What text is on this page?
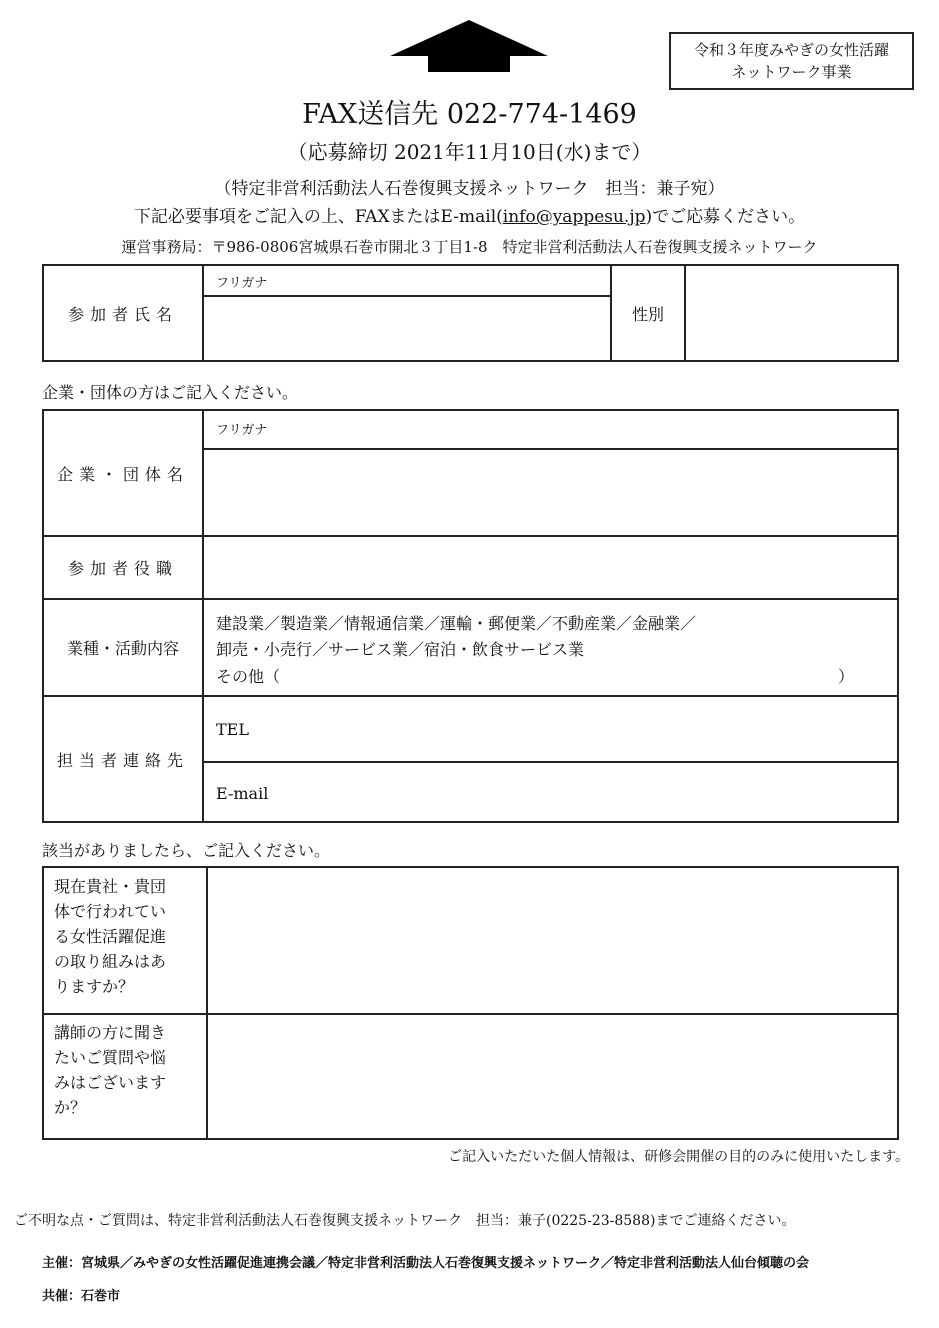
令和３年度みやぎの女性活躍
ネットワーク事業
FAX送信先 022-774-1469
（応募締切 2021年11月10日(水)まで）
（特定非営利活動法人石巻復興支援ネットワーク　担当：兼子宛）
下記必要事項をご記入の上、FAXまたはE-mail(info@yappesu.jp)でご応募ください。
運営事務局：〒986-0806宮城県石巻市開北３丁目1-8　特定非営利活動法人石巻復興支援ネットワーク
参加者氏名
フリガナ
性別
企業・団体の方はご記入ください。
フリガナ
企業・団体名
参加者役職
業種・活動内容
建設業／製造業／情報通信業／運輸・郵便業／不動産業／金融業／
卸売・小売行／サービス業／宿泊・飲食サービス業
その他（	）
担当者連絡先
TEL
E-mail
該当がありましたら、ご記入ください。
現在貴社・貴団
体で行われてい
る女性活躍促進
の取り組みはあ
りますか？
講師の方に聞き
たいご質問や悩
みはございます
か？
ご記入いただいた個人情報は、研修会開催の目的のみに使用いたします。
ご不明な点・ご質問は、特定非営利活動法人石巻復興支援ネットワーク　担当：兼子(0225-23-8588)までご連絡ください。
主催：宮城県／みやぎの女性活躍促進連携会議／特定非営利活動法人石巻復興支援ネットワーク／特定非営利活動法人仙台傾聴の会
共催：石巻市
